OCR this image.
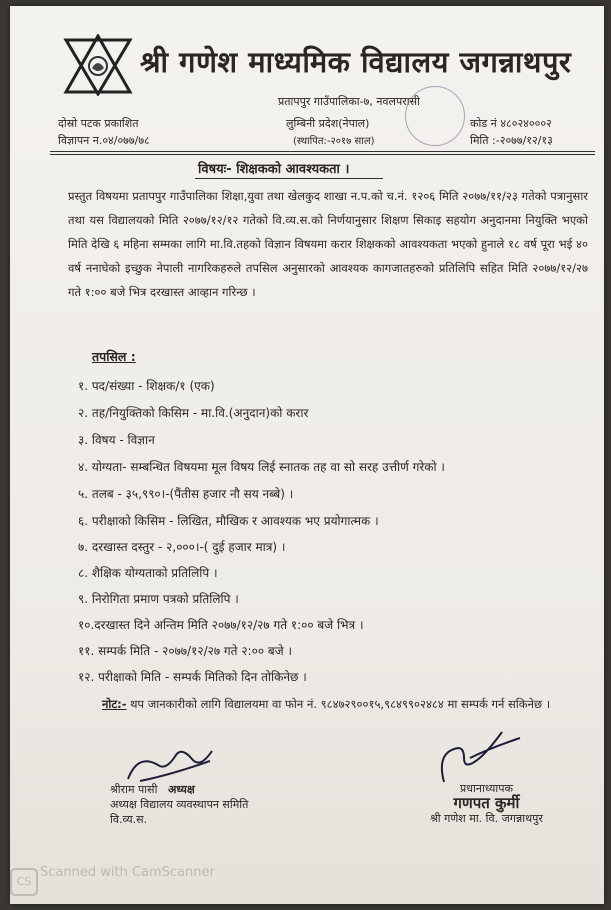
श्री गणेश माध्यमिक विद्यालय जगन्नाथपुर
प्रतापपुर गाउँपालिका-७, नवलपरासी
लुम्बिनी प्रदेश(नेपाल)
(स्थापित:-२०१७ साल)
दोस्रो पटक प्रकाशित
विज्ञापन न.०४/०७७/७८
कोड नं ४८०२४०००२
मिति :-२०७७/१२/१३
विषयः- शिक्षकको आवश्यकता ।
प्रस्तुत विषयमा प्रतापपुर गाउँपालिका शिक्षा,युवा तथा खेलकुद शाखा न.प.को च.नं. १२०६ मिति २०७७/११/२३ गतेको पत्रानुसार तथा यस विद्यालयको मिति २०७७/१२/१२ गतेको वि.व्य.स.को निर्णयानुसार शिक्षण सिकाइ सहयोग अनुदानमा नियुक्ति भएको मिति देखि ६ महिना सम्मका लागि मा.वि.तहको विज्ञान विषयमा करार शिक्षकको आवश्यकता भएको हुनाले १८ वर्ष पूरा भई ४० वर्ष ननाघेको इच्छुक नेपाली नागरिकहरुले तपसिल अनुसारको आवश्यक कागजातहरुको प्रतिलिपि सहित मिति २०७७/१२/२७ गते १:०० बजे भित्र दरखास्त आव्हान गरिन्छ ।
तपसिल :
१. पद/संख्या - शिक्षक/१ (एक)
२. तह/नियुक्तिको किसिम - मा.वि.(अनुदान)को करार
३. विषय - विज्ञान
४. योग्यता- सम्बन्धित विषयमा मूल विषय लिई स्नातक तह वा सो सरह उत्तीर्ण गरेको ।
५. तलब - ३५,९९०।-(पैंतीस हजार नौ सय नब्बे) ।
६. परीक्षाको किसिम - लिखित, मौखिक र आवश्यक भए प्रयोगात्मक ।
७. दरखास्त दस्तुर - २,०००।-( दुई हजार मात्र) ।
८. शैक्षिक योग्यताको प्रतिलिपि ।
९. निरोगिता प्रमाण पत्रको प्रतिलिपि ।
१०.दरखास्त दिने अन्तिम मिति २०७७/१२/२७ गते १:०० बजे भित्र ।
११. सम्पर्क मिति - २०७७/१२/२७ गते २:०० बजे ।
१२. परीक्षाको मिति - सम्पर्क मितिको दिन तोकिनेछ ।
नोट:- थप जानकारीको लागि विद्यालयमा वा फोन नं. ९८४७२९००१५,९८४९९०२४८४ मा सम्पर्क गर्न सकिनेछ ।
श्रीराम पासी अध्यक्ष
अध्यक्ष विद्यालय व्यवस्थापन समिति
वि.व्य.स.
प्रधानाध्यापक
गणपत कुर्मी
श्री गणेश मा. वि. जगन्नाथपुर
CS
Scanned with CamScanner
